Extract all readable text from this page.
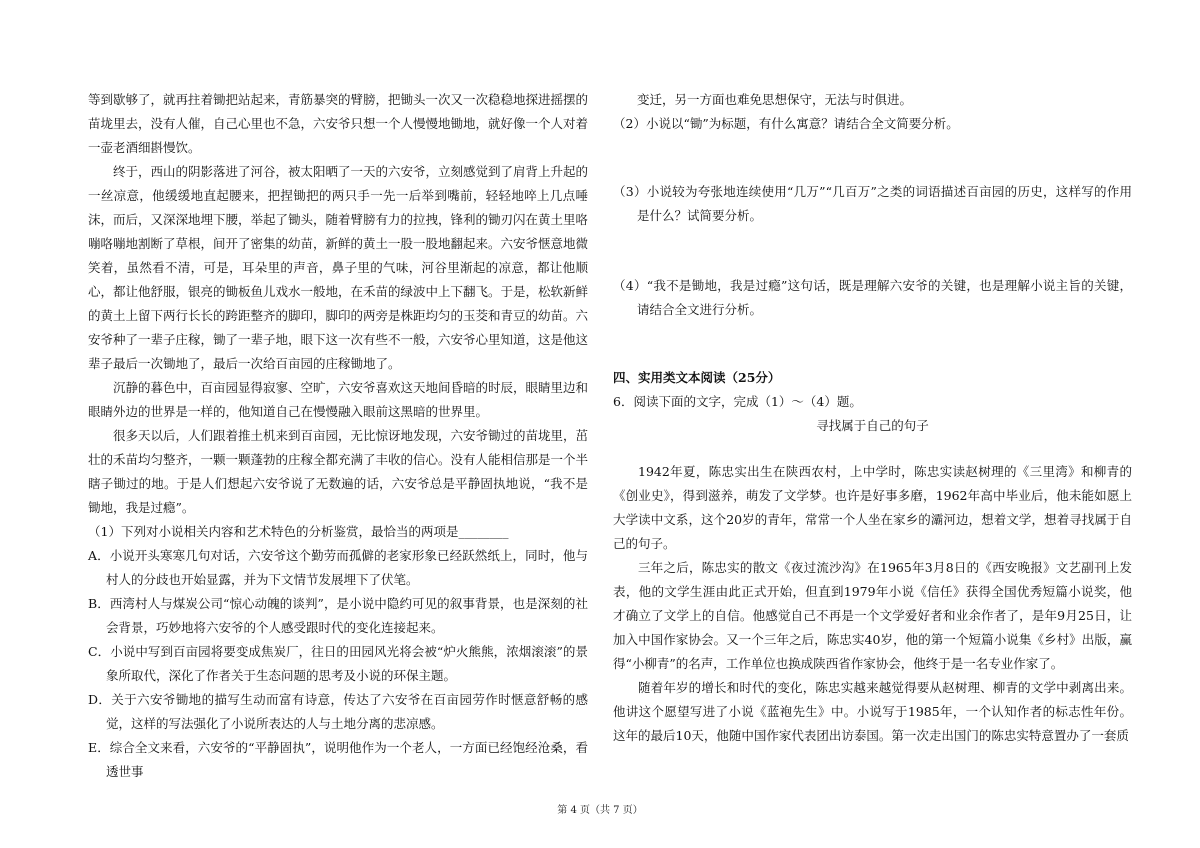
等到歇够了，就再拄着锄把站起来，青筋暴突的臂膀，把锄头一次又一次稳稳地探进摇摆的苗垅里去，没有人催，自己心里也不急，六安爷只想一个人慢慢地锄地，就好像一个人对着一壶老酒细斟慢饮。

终于，西山的阴影落进了河谷，被太阳晒了一天的六安爷，立刻感觉到了肩背上升起的一丝凉意，他缓缓地直起腰来，把捏锄把的两只手一先一后举到嘴前，轻轻地啐上几点唾沫，而后，又深深地埋下腰，举起了锄头，随着臂膀有力的拉拽，锋利的锄刃闪在黄土里咯嘣咯嘣地割断了草根，间开了密集的幼苗，新鲜的黄土一股一股地翻起来。六安爷惬意地微笑着，虽然看不清，可是，耳朵里的声音，鼻子里的气味，河谷里渐起的凉意，都让他顺心，都让他舒服，银亮的锄板鱼儿戏水一般地，在禾苗的绿波中上下翻飞。于是，松软新鲜的黄土上留下两行长长的跨距整齐的脚印，脚印的两旁是株距均匀的玉茭和青豆的幼苗。六安爷种了一辈子庄稼，锄了一辈子地，眼下这一次有些不一般，六安爷心里知道，这是他这辈子最后一次锄地了，最后一次给百亩园的庄稼锄地了。

沉静的暮色中，百亩园显得寂寥、空旷，六安爷喜欢这天地间昏暗的时辰，眼睛里边和眼睛外边的世界是一样的，他知道自己在慢慢融入眼前这黑暗的世界里。

很多天以后，人们跟着推土机来到百亩园，无比惊讶地发现，六安爷锄过的苗垅里，茁壮的禾苗均匀整齐，一颗一颗蓬勃的庄稼全都充满了丰收的信心。没有人能相信那是一个半瞎子锄过的地。于是人们想起六安爷说了无数遍的话，六安爷总是平静固执地说，“我不是锄地，我是过瘾”。

（1）下列对小说相关内容和艺术特色的分析鉴赏，最恰当的两项是________

A．小说开头寒寒几句对话，六安爷这个勤劳而孤僻的老家形象已经跃然纸上，同时，他与村人的分歧也开始显露，并为下文情节发展埋下了伏笔。

B．西湾村人与煤炭公司“惊心动魄的谈判”，是小说中隐约可见的叙事背景，也是深刻的社会背景，巧妙地将六安爷的个人感受跟时代的变化连接起来。

C．小说中写到百亩园将要变成焦炭厂，往日的田园风光将会被“炉火熊熊，浓烟滚滚”的景象所取代，深化了作者关于生态问题的思考及小说的环保主题。

D．关于六安爷锄地的描写生动而富有诗意，传达了六安爷在百亩园劳作时惬意舒畅的感觉，这样的写法强化了小说所表达的人与土地分离的悲凉感。

E．综合全文来看，六安爷的“平静固执”，说明他作为一个老人，一方面已经饱经沧桑，看透世事

变迁，另一方面也难免思想保守，无法与时俱进。

（2）小说以“锄”为标题，有什么寓意？请结合全文简要分析。

（3）小说较为夸张地连续使用“几万”“几百万”之类的词语描述百亩园的历史，这样写的作用是什么？试简要分析。

（4）“我不是锄地，我是过瘾”这句话，既是理解六安爷的关键，也是理解小说主旨的关键，请结合全文进行分析。

四、实用类文本阅读（25分）

6．阅读下面的文字，完成（1）～（4）题。

寻找属于自己的句子

1942年夏，陈忠实出生在陕西农村，上中学时，陈忠实读赵树理的《三里湾》和柳青的《创业史》，得到滋养，萌发了文学梦。也许是好事多磨，1962年高中毕业后，他未能如愿上大学读中文系，这个20岁的青年，常常一个人坐在家乡的灞河边，想着文学，想着寻找属于自己的句子。

三年之后，陈忠实的散文《夜过流沙沟》在1965年3月8日的《西安晚报》文艺副刊上发表，他的文学生涯由此正式开始，但直到1979年小说《信任》获得全国优秀短篇小说奖，他才确立了文学上的自信。他感觉自己不再是一个文学爱好者和业余作者了，是年9月25日，让加入中国作家协会。又一个三年之后，陈忠实40岁，他的第一个短篇小说集《乡村》出版，赢得“小柳青”的名声，工作单位也换成陕西省作家协会，他终于是一名专业作家了。

随着年岁的增长和时代的变化，陈忠实越来越觉得要从赵树理、柳青的文学中剥离出来。他讲这个愿望写进了小说《蓝袍先生》中。小说写于1985年，一个认知作者的标志性年份。这年的最后10天，他随中国作家代表团出访泰国。第一次走出国门的陈忠实特意置办了一套质

第 4 页（共 7 页）
